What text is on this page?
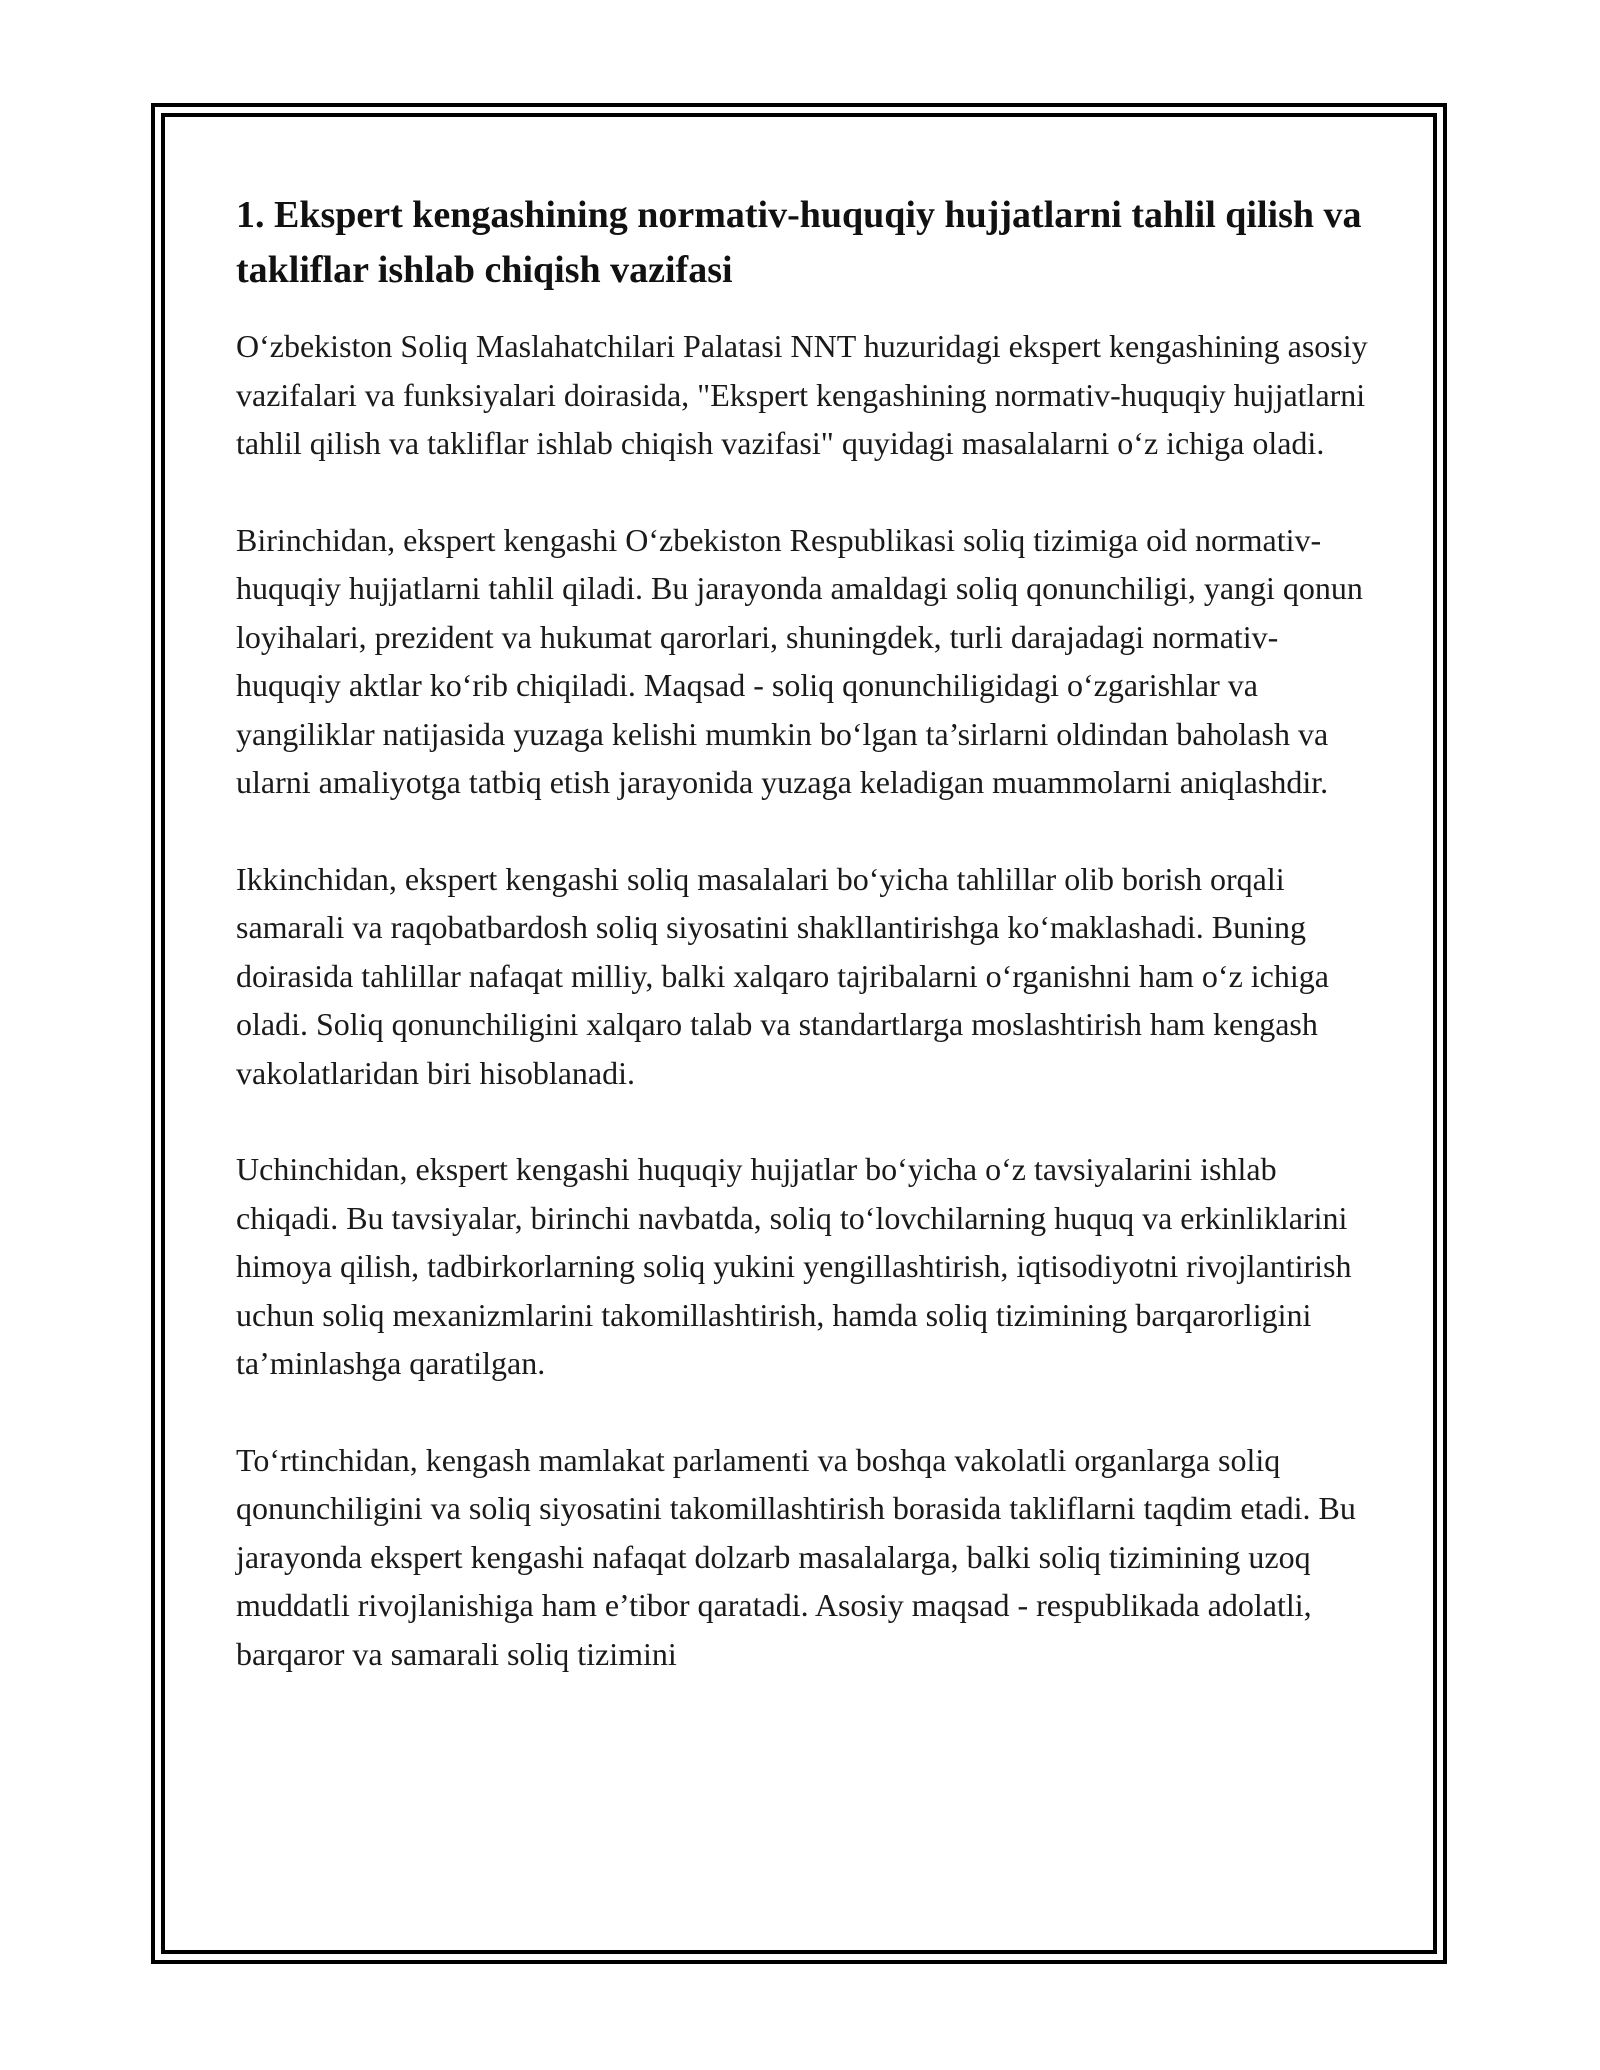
1. Ekspert kengashining normativ-huquqiy hujjatlarni tahlil qilish va takliflar ishlab chiqish vazifasi

O‘zbekiston Soliq Maslahatchilari Palatasi NNT huzuridagi ekspert kengashining asosiy vazifalari va funksiyalari doirasida, "Ekspert kengashining normativ-huquqiy hujjatlarni tahlil qilish va takliflar ishlab chiqish vazifasi" quyidagi masalalarni o‘z ichiga oladi.

Birinchidan, ekspert kengashi O‘zbekiston Respublikasi soliq tizimiga oid normativ-huquqiy hujjatlarni tahlil qiladi. Bu jarayonda amaldagi soliq qonunchiligi, yangi qonun loyihalari, prezident va hukumat qarorlari, shuningdek, turli darajadagi normativ-huquqiy aktlar ko‘rib chiqiladi. Maqsad - soliq qonunchiligidagi o‘zgarishlar va yangiliklar natijasida yuzaga kelishi mumkin bo‘lgan ta’sirlarni oldindan baholash va ularni amaliyotga tatbiq etish jarayonida yuzaga keladigan muammolarni aniqlashdir.

Ikkinchidan, ekspert kengashi soliq masalalari bo‘yicha tahlillar olib borish orqali samarali va raqobatbardosh soliq siyosatini shakllantirishga ko‘maklashadi. Buning doirasida tahlillar nafaqat milliy, balki xalqaro tajribalarni o‘rganishni ham o‘z ichiga oladi. Soliq qonunchiligini xalqaro talab va standartlarga moslashtirish ham kengash vakolatlaridan biri hisoblanadi.

Uchinchidan, ekspert kengashi huquqiy hujjatlar bo‘yicha o‘z tavsiyalarini ishlab chiqadi. Bu tavsiyalar, birinchi navbatda, soliq to‘lovchilarning huquq va erkinliklarini himoya qilish, tadbirkorlarning soliq yukini yengillashtirish, iqtisodiyotni rivojlantirish uchun soliq mexanizmlarini takomillashtirish, hamda soliq tizimining barqarorligini ta’minlashga qaratilgan.

To‘rtinchidan, kengash mamlakat parlamenti va boshqa vakolatli organlarga soliq qonunchiligini va soliq siyosatini takomillashtirish borasida takliflarni taqdim etadi. Bu jarayonda ekspert kengashi nafaqat dolzarb masalalarga, balki soliq tizimining uzoq muddatli rivojlanishiga ham e’tibor qaratadi. Asosiy maqsad - respublikada adolatli, barqaror va samarali soliq tizimini
